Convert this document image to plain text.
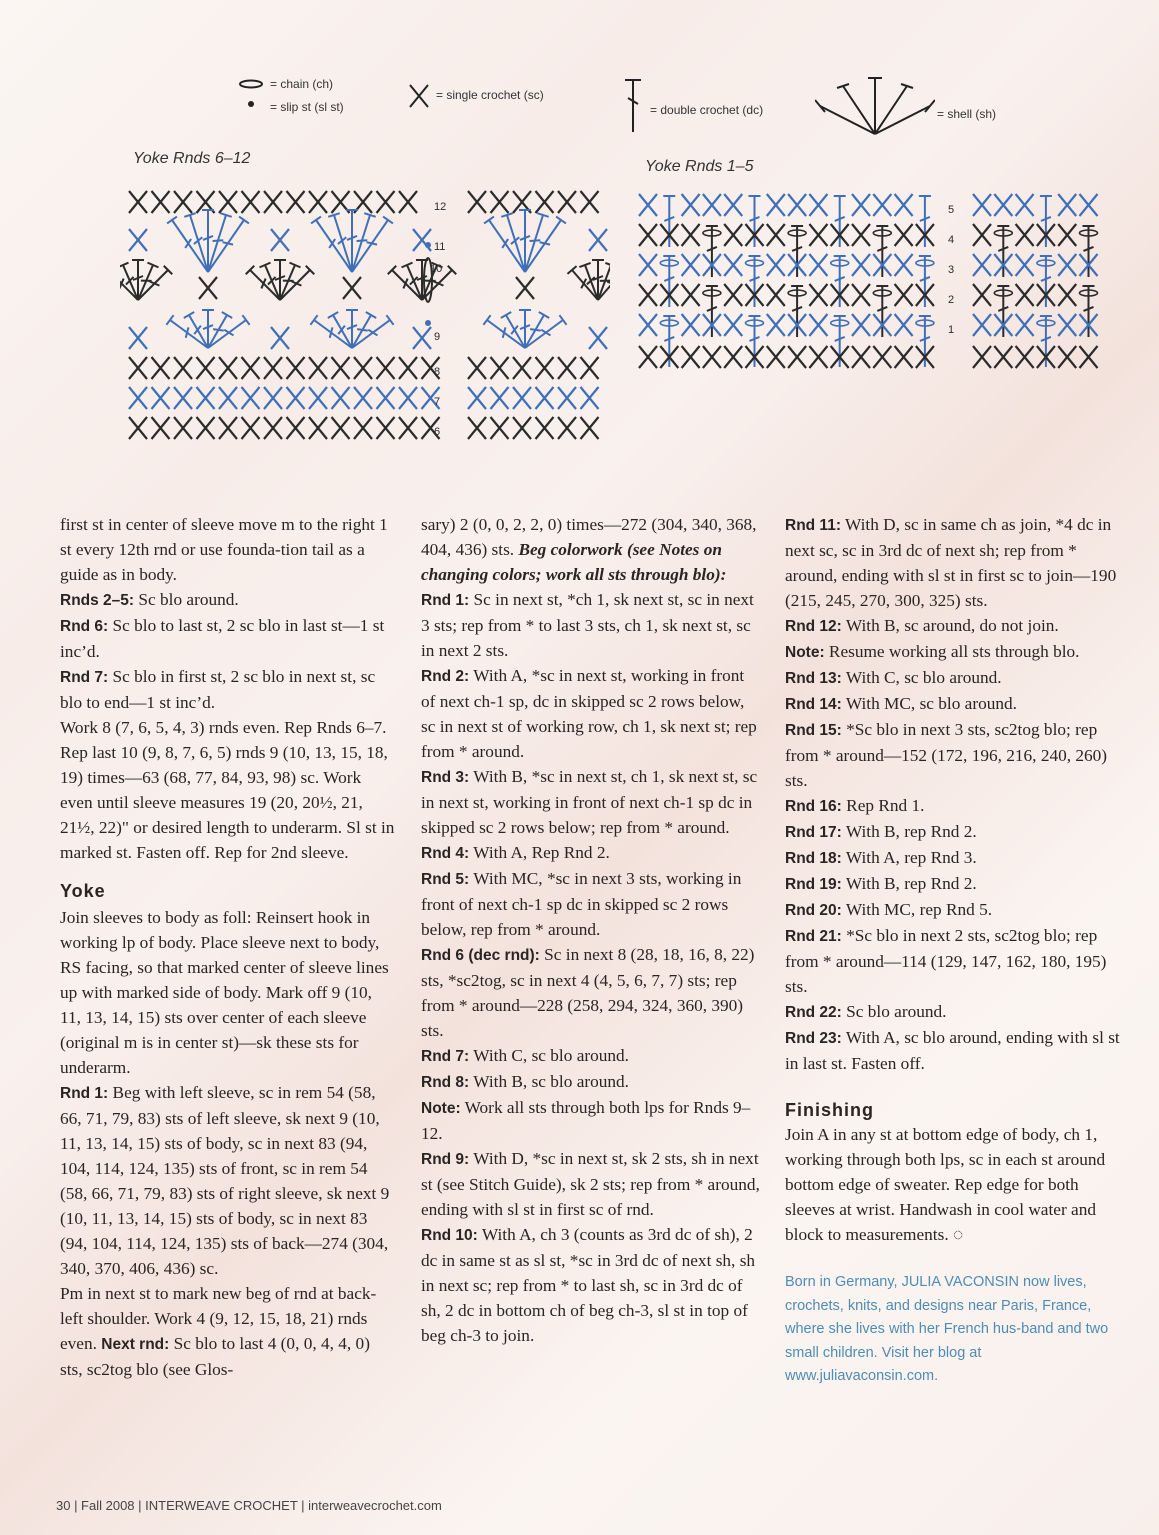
= chain (ch)
= slip st (sl st)
= single crochet (sc)
= double crochet (dc)	= shell (sh)
Yoke Rnds 6–12	Yoke Rnds 1–5
12
11
10
9
8
7
6
5
4
3
2
1

first st in center of sleeve move m to the right 1 st every 12th rnd or use founda-tion tail as a guide as in body.

Rnds 2–5: Sc blo around.

Rnd 6: Sc blo to last st, 2 sc blo in last st—1 st inc’d.

Rnd 7: Sc blo in first st, 2 sc blo in next st, sc blo to end—1 st inc’d.

Work 8 (7, 6, 5, 4, 3) rnds even. Rep Rnds 6–7. Rep last 10 (9, 8, 7, 6, 5) rnds 9 (10, 13, 15, 18, 19) times—63 (68, 77, 84, 93, 98) sc. Work even until sleeve measures 19 (20, 20½, 21, 21½, 22)" or desired length to underarm. Sl st in marked st. Fasten off. Rep for 2nd sleeve.

Yoke

Join sleeves to body as foll: Reinsert hook in working lp of body. Place sleeve next to body, RS facing, so that marked center of sleeve lines up with marked side of body. Mark off 9 (10, 11, 13, 14, 15) sts over center of each sleeve (original m is in center st)—sk these sts for underarm.

Rnd 1: Beg with left sleeve, sc in rem 54 (58, 66, 71, 79, 83) sts of left sleeve, sk next 9 (10, 11, 13, 14, 15) sts of body, sc in next 83 (94, 104, 114, 124, 135) sts of front, sc in rem 54 (58, 66, 71, 79, 83) sts of right sleeve, sk next 9 (10, 11, 13, 14, 15) sts of body, sc in next 83 (94, 104, 114, 124, 135) sts of back—274 (304, 340, 370, 406, 436) sc.

Pm in next st to mark new beg of rnd at back-left shoulder. Work 4 (9, 12, 15, 18, 21) rnds even. Next rnd: Sc blo to last 4 (0, 0, 4, 4, 0) sts, sc2tog blo (see Glos-

sary) 2 (0, 0, 2, 2, 0) times—272 (304, 340, 368, 404, 436) sts. Beg colorwork (see Notes on changing colors; work all sts through blo):

Rnd 1: Sc in next st, *ch 1, sk next st, sc in next 3 sts; rep from * to last 3 sts, ch 1, sk next st, sc in next 2 sts.

Rnd 2: With A, *sc in next st, working in front of next ch-1 sp, dc in skipped sc 2 rows below, sc in next st of working row, ch 1, sk next st; rep from * around.

Rnd 3: With B, *sc in next st, ch 1, sk next st, sc in next st, working in front of next ch-1 sp dc in skipped sc 2 rows below; rep from * around.

Rnd 4: With A, Rep Rnd 2.

Rnd 5: With MC, *sc in next 3 sts, working in front of next ch-1 sp dc in skipped sc 2 rows below, rep from * around.

Rnd 6 (dec rnd): Sc in next 8 (28, 18, 16, 8, 22) sts, *sc2tog, sc in next 4 (4, 5, 6, 7, 7) sts; rep from * around—228 (258, 294, 324, 360, 390) sts.

Rnd 7: With C, sc blo around.

Rnd 8: With B, sc blo around.

Note: Work all sts through both lps for Rnds 9–12.

Rnd 9: With D, *sc in next st, sk 2 sts, sh in next st (see Stitch Guide), sk 2 sts; rep from * around, ending with sl st in first sc of rnd.

Rnd 10: With A, ch 3 (counts as 3rd dc of sh), 2 dc in same st as sl st, *sc in 3rd dc of next sh, sh in next sc; rep from * to last sh, sc in 3rd dc of sh, 2 dc in bottom ch of beg ch-3, sl st in top of beg ch-3 to join.

Rnd 11: With D, sc in same ch as join, *4 dc in next sc, sc in 3rd dc of next sh; rep from * around, ending with sl st in first sc to join—190 (215, 245, 270, 300, 325) sts.

Rnd 12: With B, sc around, do not join.

Note: Resume working all sts through blo.

Rnd 13: With C, sc blo around.

Rnd 14: With MC, sc blo around.

Rnd 15: *Sc blo in next 3 sts, sc2tog blo; rep from * around—152 (172, 196, 216, 240, 260) sts.

Rnd 16: Rep Rnd 1.

Rnd 17: With B, rep Rnd 2.

Rnd 18: With A, rep Rnd 3.

Rnd 19: With B, rep Rnd 2.

Rnd 20: With MC, rep Rnd 5.

Rnd 21: *Sc blo in next 2 sts, sc2tog blo; rep from * around—114 (129, 147, 162, 180, 195) sts.

Rnd 22: Sc blo around.

Rnd 23: With A, sc blo around, ending with sl st in last st. Fasten off.

Finishing

Join A in any st at bottom edge of body, ch 1, working through both lps, sc in each st around bottom edge of sweater. Rep edge for both sleeves at wrist. Handwash in cool water and block to measurements. ◌

Born in Germany, JULIA VACONSIN now lives, crochets, knits, and designs near Paris, France, where she lives with her French hus-band and two small children. Visit her blog at www.juliavaconsin.com.

30 | Fall 2008 | INTERWEAVE CROCHET | interweavecrochet.com
